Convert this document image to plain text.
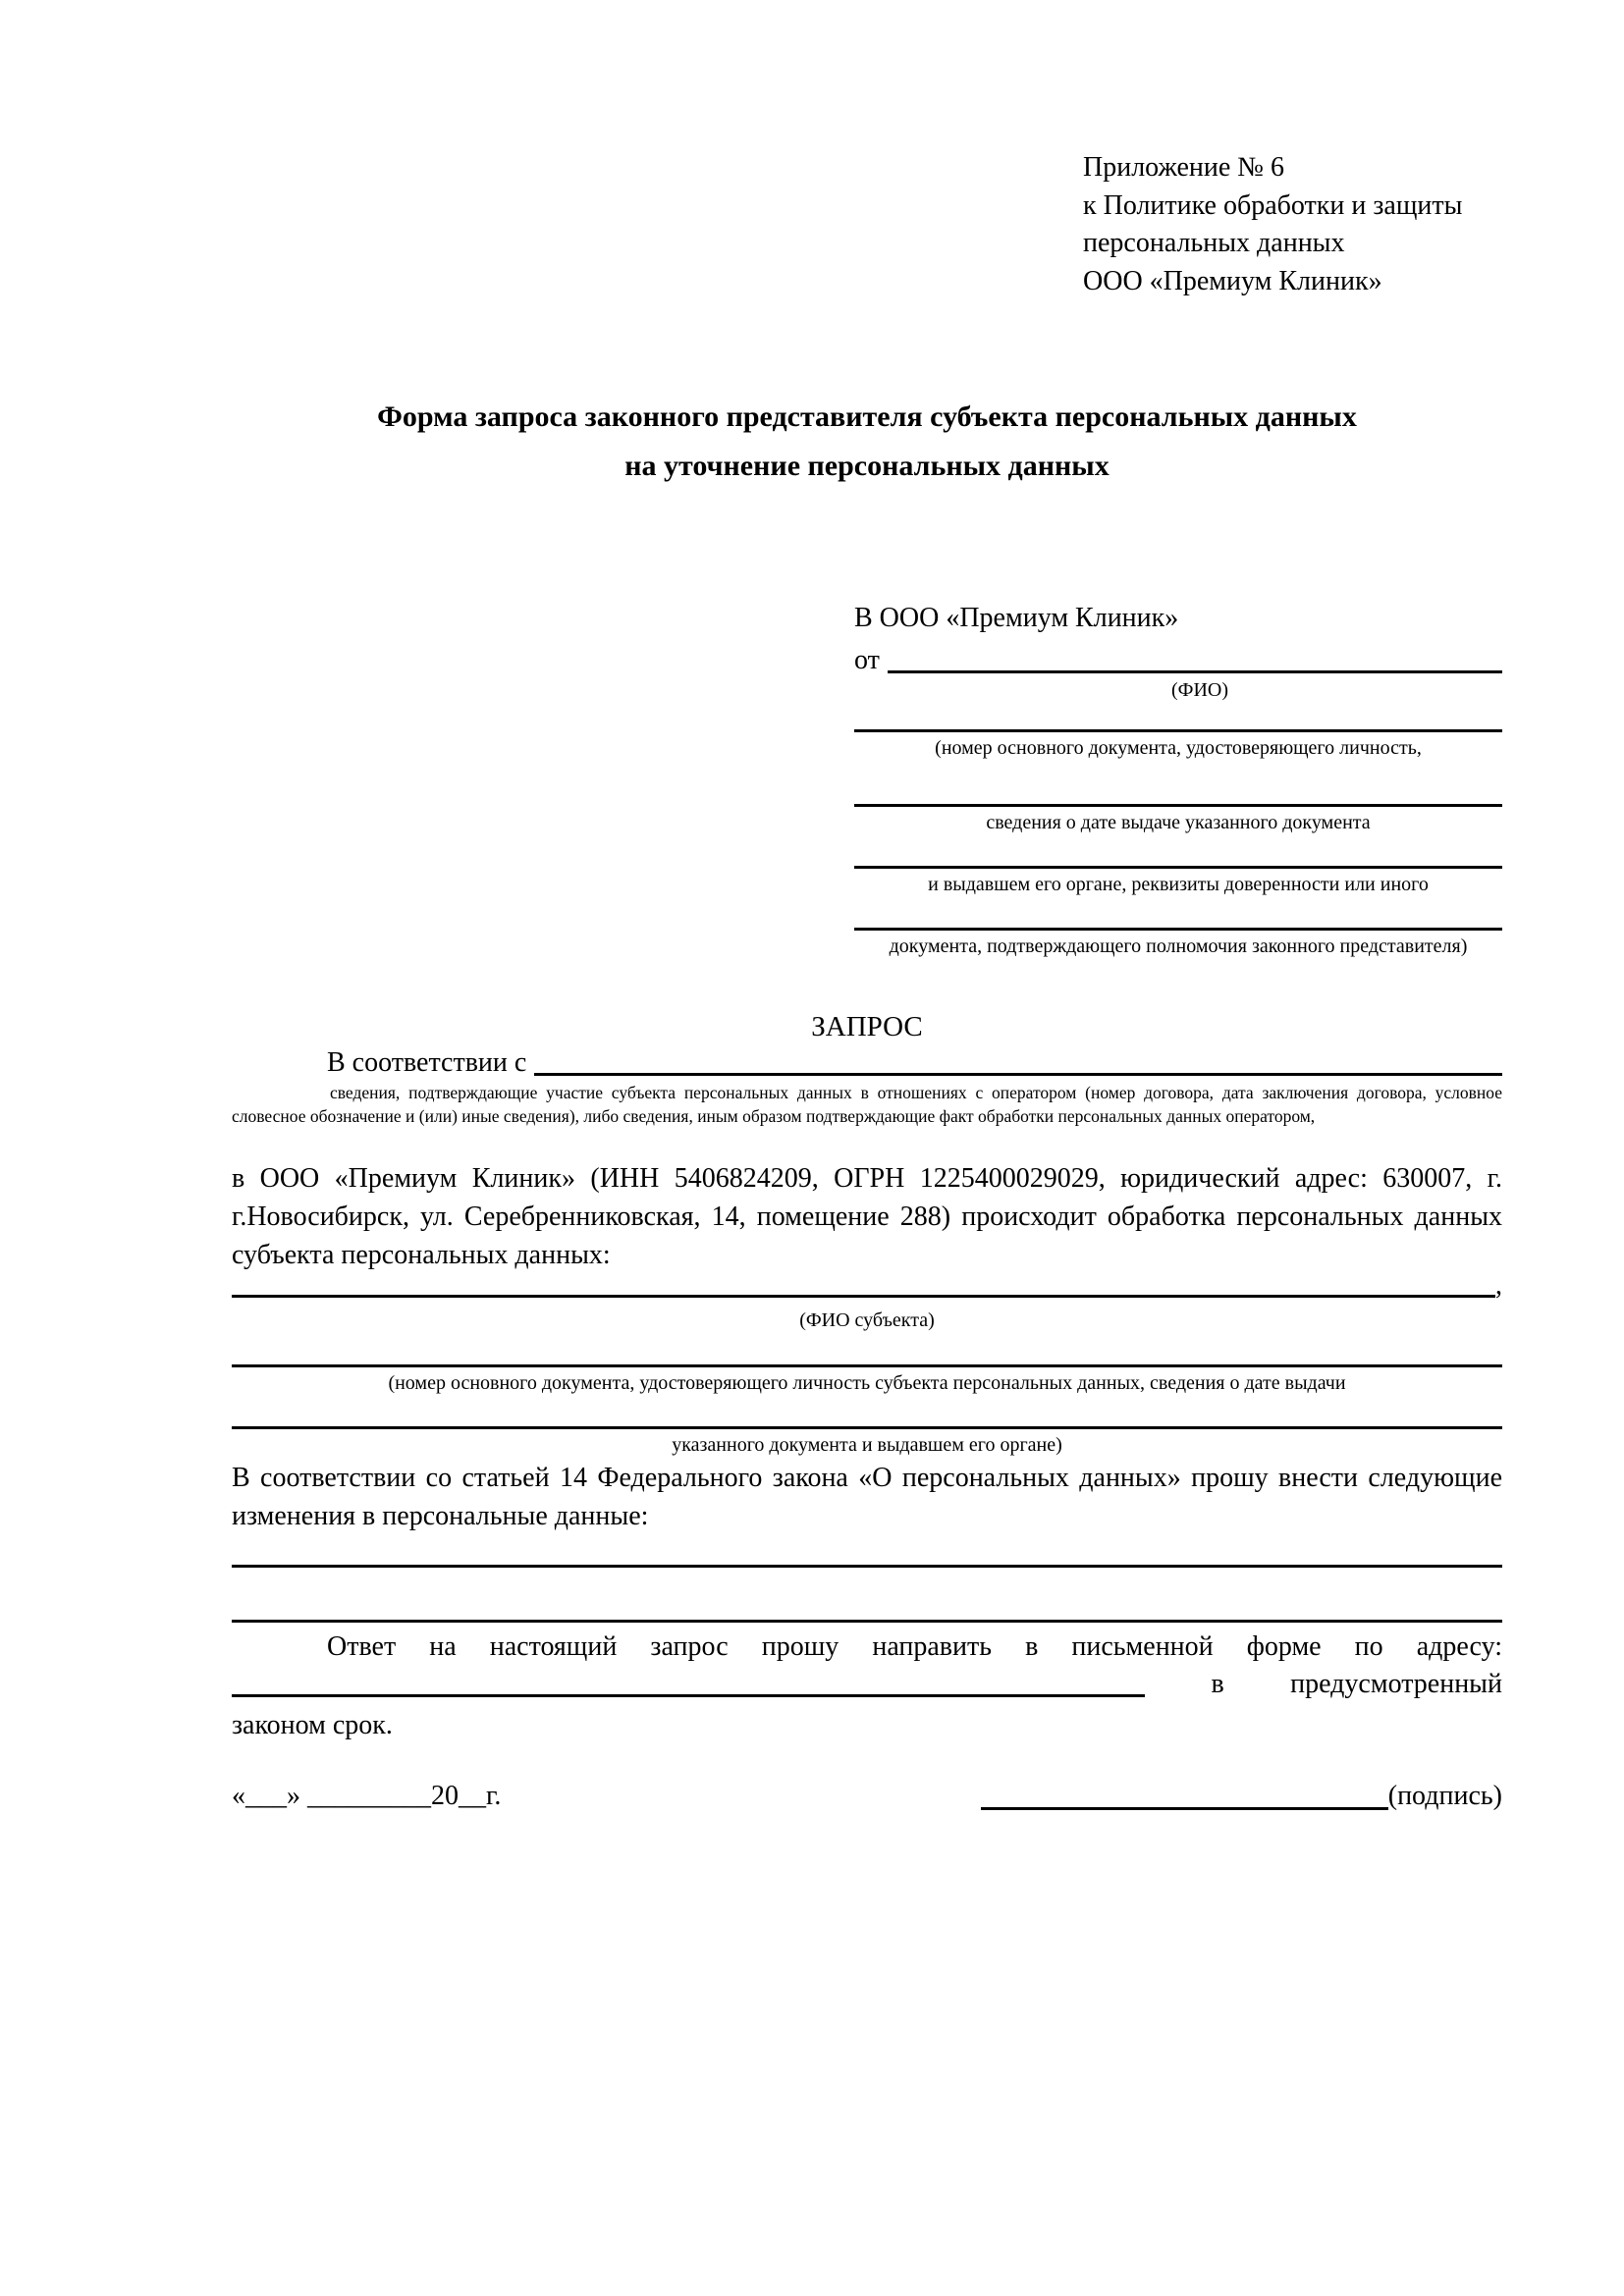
Приложение № 6
к Политике обработки и защиты
персональных данных
ООО «Премиум Клиник»
Форма запроса законного представителя субъекта персональных данных
на уточнение персональных данных
В ООО «Премиум Клиник»
от
(ФИО)
(номер основного документа, удостоверяющего личность,
сведения о дате выдаче указанного документа
и выдавшем его органе, реквизиты доверенности или иного
документа, подтверждающего полномочия законного представителя)
ЗАПРОС
В соответствии с
сведения, подтверждающие участие субъекта персональных данных в отношениях с оператором (номер договора, дата заключения договора, условное словесное обозначение и (или) иные сведения), либо сведения, иным образом подтверждающие факт обработки персональных данных оператором,
в ООО «Премиум Клиник» (ИНН 5406824209, ОГРН 1225400029029, юридический адрес: 630007, г. г.Новосибирск, ул. Серебренниковская, 14, помещение 288) происходит обработка персональных данных субъекта персональных данных:
,
(ФИО субъекта)
(номер основного документа, удостоверяющего личность субъекта персональных данных, сведения о дате выдачи
указанного документа и выдавшем его органе)
В соответствии со статьей 14 Федерального закона «О персональных данных» прошу внести следующие изменения в персональные данные:
Ответ на настоящий запрос прошу направить в письменной форме по адресу:
в предусмотренный
законом срок.
«___» _________20__г.	(подпись)
